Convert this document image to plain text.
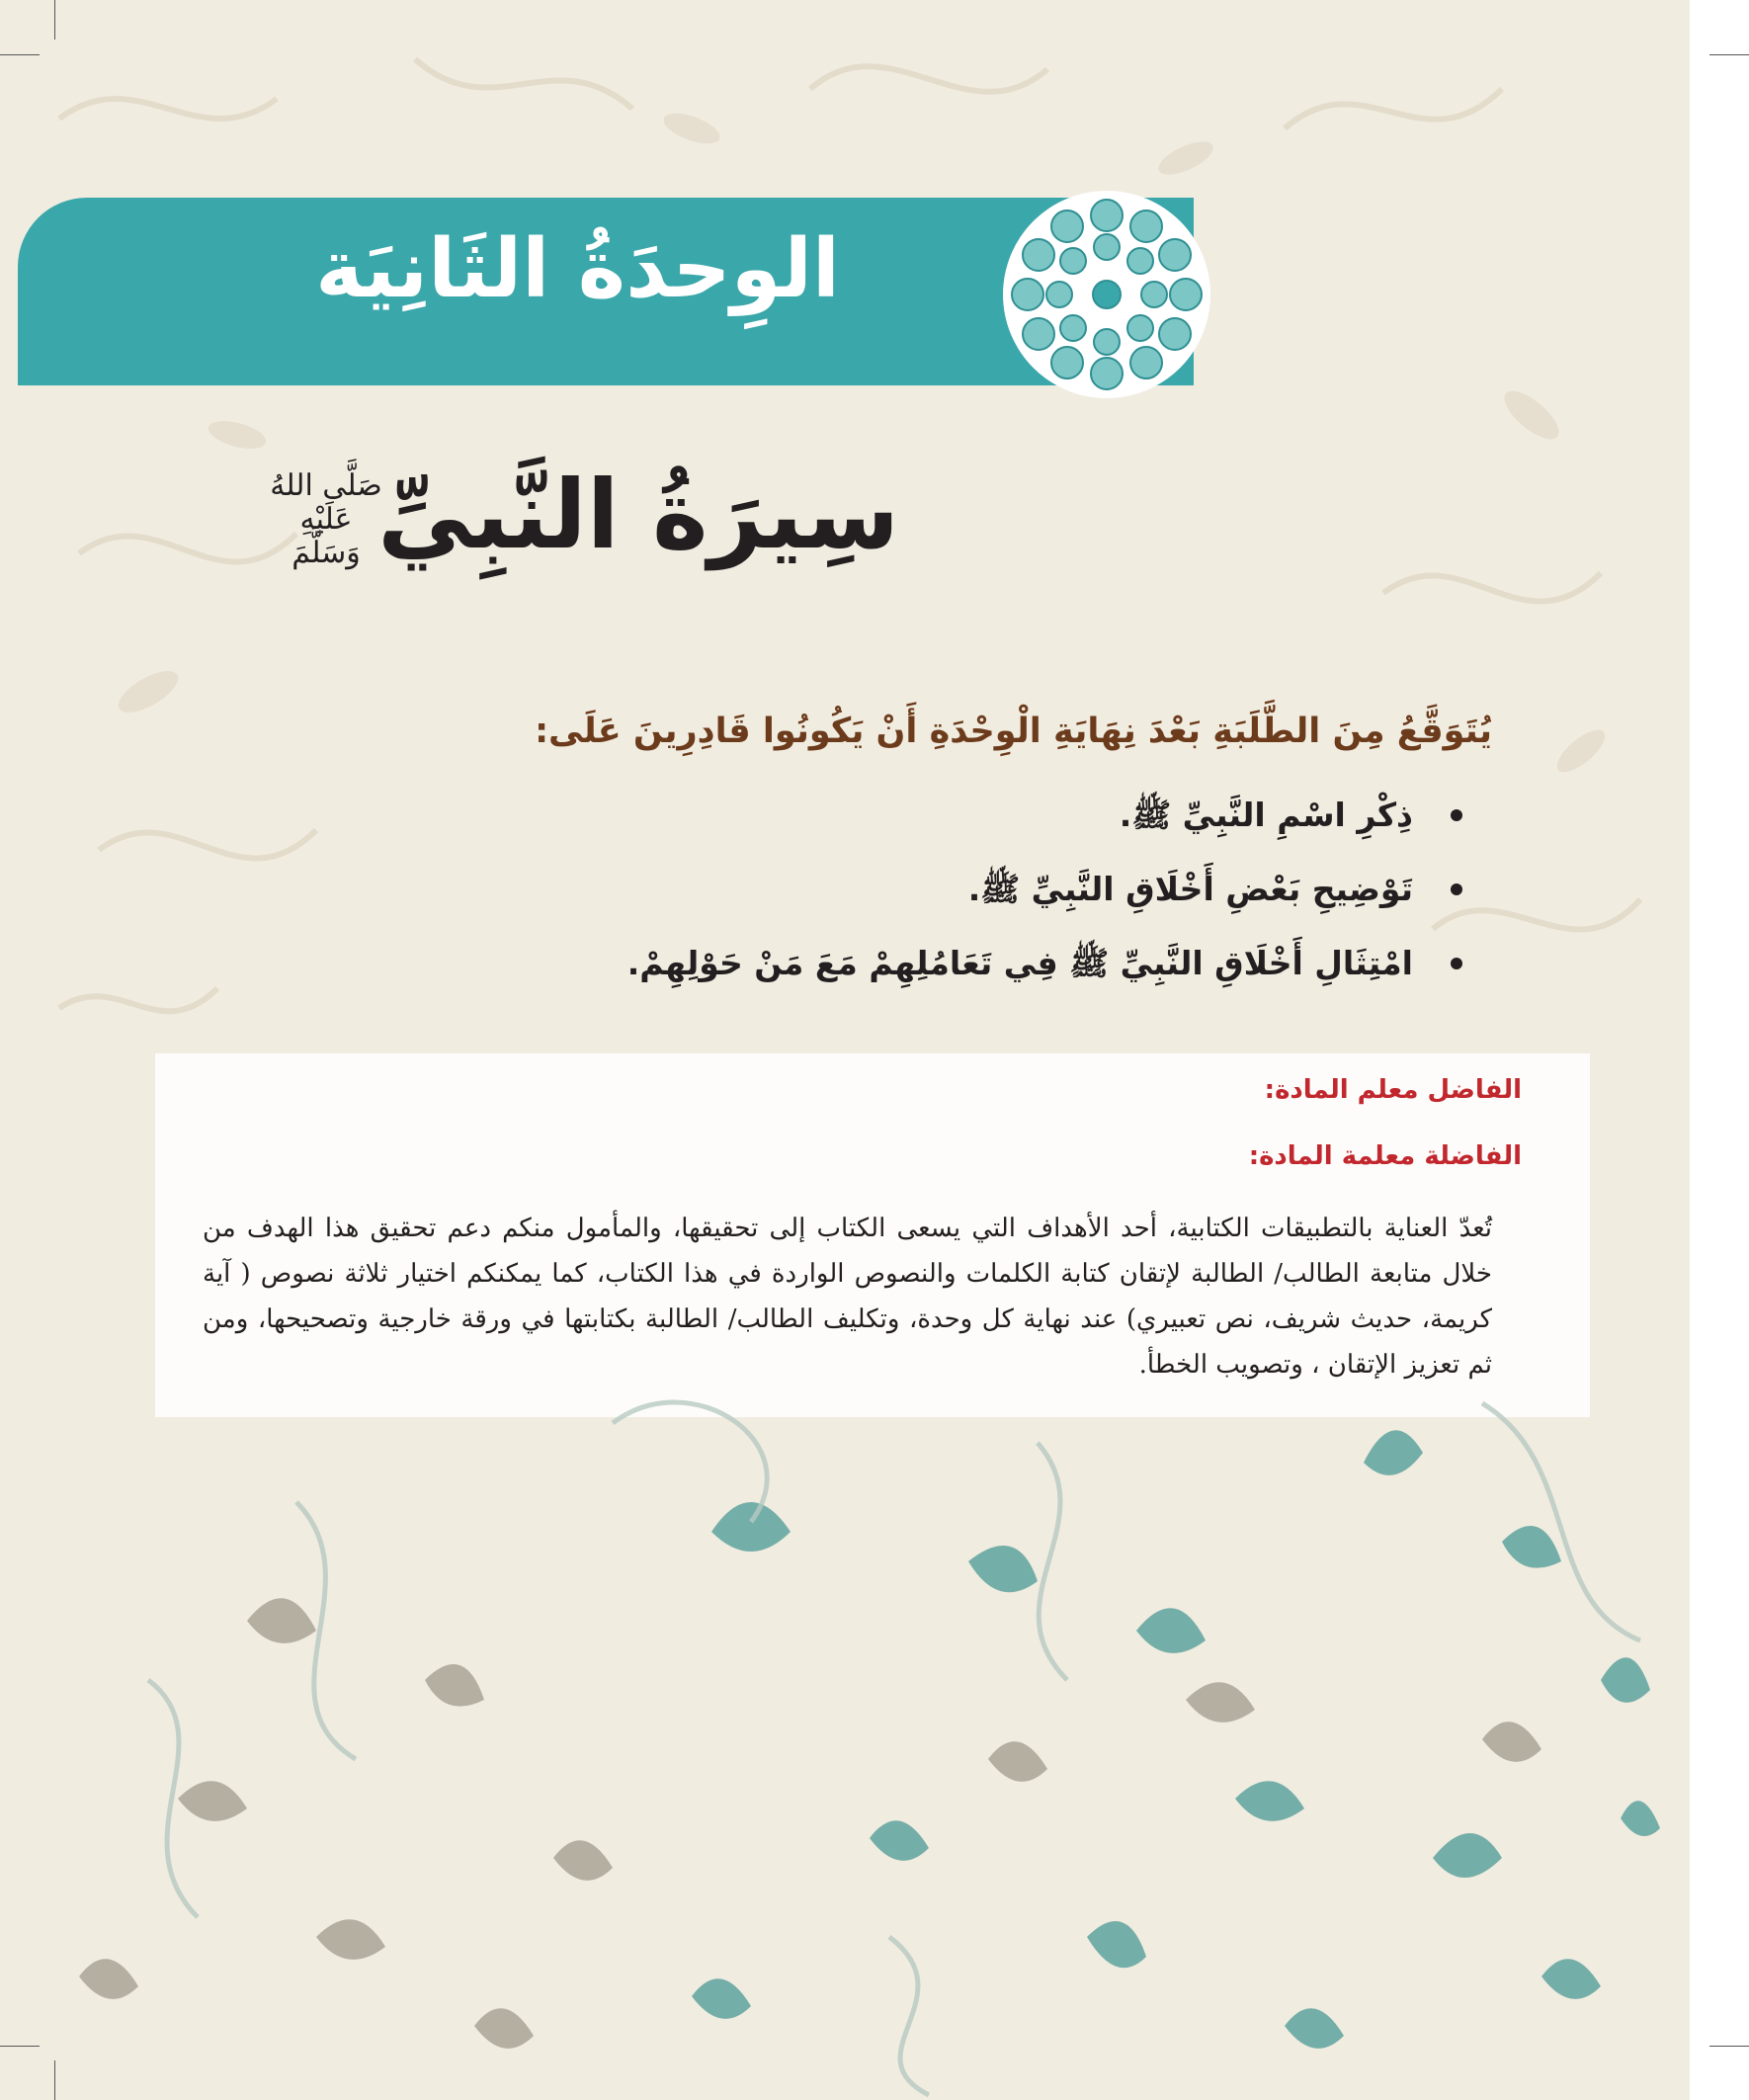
الوِحدَةُ الثَانِيَة
سِيرَةُ النَّبِيِّ
صَلَّى اللهُ عَلَيْهِ وَسَلَّمَ
يُتَوَقَّعُ مِنَ الطَّلَبَةِ بَعْدَ نِهَايَةِ الْوِحْدَةِ أَنْ يَكُونُوا قَادِرِينَ عَلَى:
ذِكْرِ اسْمِ النَّبِيِّ ﷺ.
تَوْضِيحِ بَعْضِ أَخْلَاقِ النَّبِيِّ ﷺ.
امْتِثَالِ أَخْلَاقِ النَّبِيِّ ﷺ فِي تَعَامُلِهِمْ مَعَ مَنْ حَوْلِهِمْ.
الفاضل معلم المادة:
الفاضلة معلمة المادة:
تُعدّ العناية بالتطبيقات الكتابية، أحد الأهداف التي يسعى الكتاب إلى تحقيقها، والمأمول منكم دعم تحقيق هذا الهدف من خلال متابعة الطالب/ الطالبة لإتقان كتابة الكلمات والنصوص الواردة في هذا الكتاب، كما يمكنكم اختيار ثلاثة نصوص ( آية كريمة، حديث شريف، نص تعبيري) عند نهاية كل وحدة، وتكليف الطالب/ الطالبة بكتابتها في ورقة خارجية وتصحيحها، ومن ثم تعزيز الإتقان ، وتصويب الخطأ.
